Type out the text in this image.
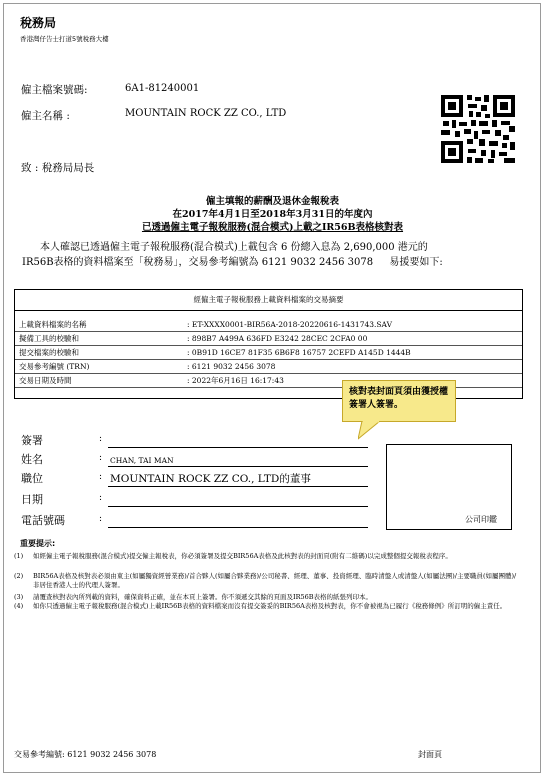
稅務局
香港灣仔告士打道5號稅務大樓
僱主檔案號碼:	6A1-81240001
僱主名稱 :	MOUNTAIN ROCK ZZ CO., LTD
致 : 稅務局局長
僱主填報的薪酬及退休金報稅表
在2017年4月1日至2018年3月31日的年度內
已透過僱主電子報稅服務(混合模式)上載之IR56B表格核對表
本人確認已透過僱主電子報稅服務(混合模式)上載包含 6 份總入息為 2,690,000 港元的
IR56B表格的資料檔案至「稅務易」，交易參考編號為 6121 9032 2456 3078 　 易援要如下:
經僱主電子報稅服務上載資料檔案的交易摘要
上載資料檔案的名稱	: ET-XXXX0001-BIR56A-2018-20220616-1431743.SAV
擬備工具的校驗和	: 898B7 A499A 636FD E3242 28CEC 2CFA0 00
提交檔案的校驗和	: 0B91D 16CE7 81F35 6B6F8 16757 2CEFD A145D 1444B
交易參考編號 (TRN)	: 6121 9032 2456 3078
交易日期及時間	: 2022年6月16日 16:17:43
核對表封面頁須由獲授權簽署人簽署。
簽署	:
姓名	: CHAN, TAI MAN
職位	: MOUNTAIN ROCK ZZ CO., LTD的董事
日期	:
電話號碼	:	公司印鑑
重要提示:
(1) 如經僱主電子報稅服務(混合模式)提交僱主報稅表，你必須簽署及提交BIR56A表格及此核對表的封面頁(附有二維碼)以完成整個提交報稅表程序。
(2) BIR56A表格及核對表必須由東主(如屬獨資經營業務)/首合夥人(如屬合夥業務)/公司秘書、經理、董事、投資經理、臨時清盤人或清盤人(如屬法團)/主要職員(如屬團體)/非居住香港人士的代理人簽署。
(3) 請覆查核對表內所列載的資料，確保資料正確，並在本頁上簽署。你不須遞交其餘的頁面及IR56B表格的紙張列印本。
(4) 如你只透過僱主電子報稅服務(混合模式)上載IR56B表格的資料檔案而沒有提交簽妥的BIR56A表格及核對表，你不會被視為已履行《稅務條例》所訂明的僱主責任。
交易參考編號: 6121 9032 2456 3078	封面頁
